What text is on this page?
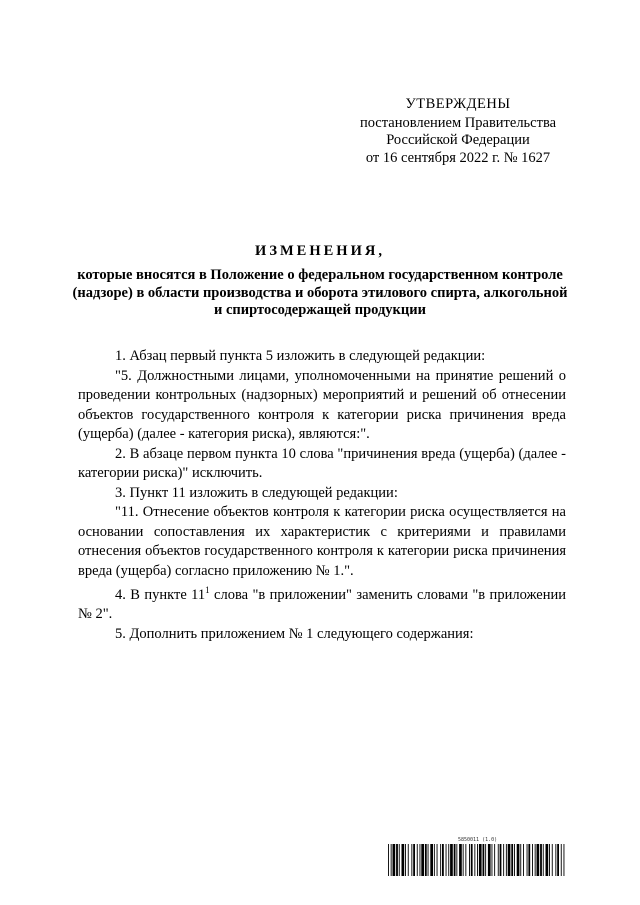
УТВЕРЖДЕНЫ
постановлением Правительства
Российской Федерации
от 16 сентября 2022 г. № 1627
ИЗМЕНЕНИЯ,
которые вносятся в Положение о федеральном государственном контроле (надзоре) в области производства и оборота этилового спирта, алкогольной и спиртосодержащей продукции

1. Абзац первый пункта 5 изложить в следующей редакции:

"5. Должностными лицами, уполномоченными на принятие решений о проведении контрольных (надзорных) мероприятий и решений об отнесении объектов государственного контроля к категории риска причинения вреда (ущерба) (далее - категория риска), являются:".

2. В абзаце первом пункта 10 слова "причинения вреда (ущерба) (далее - категории риска)" исключить.

3. Пункт 11 изложить в следующей редакции:

"11. Отнесение объектов контроля к категории риска осуществляется на основании сопоставления их характеристик с критериями и правилами отнесения объектов государственного контроля к категории риска причинения вреда (ущерба) согласно приложению № 1.".

4. В пункте $11^1$ слова "в приложении" заменить словами "в приложении № 2".

5. Дополнить приложением № 1 следующего содержания:

5850011 (1.0)
